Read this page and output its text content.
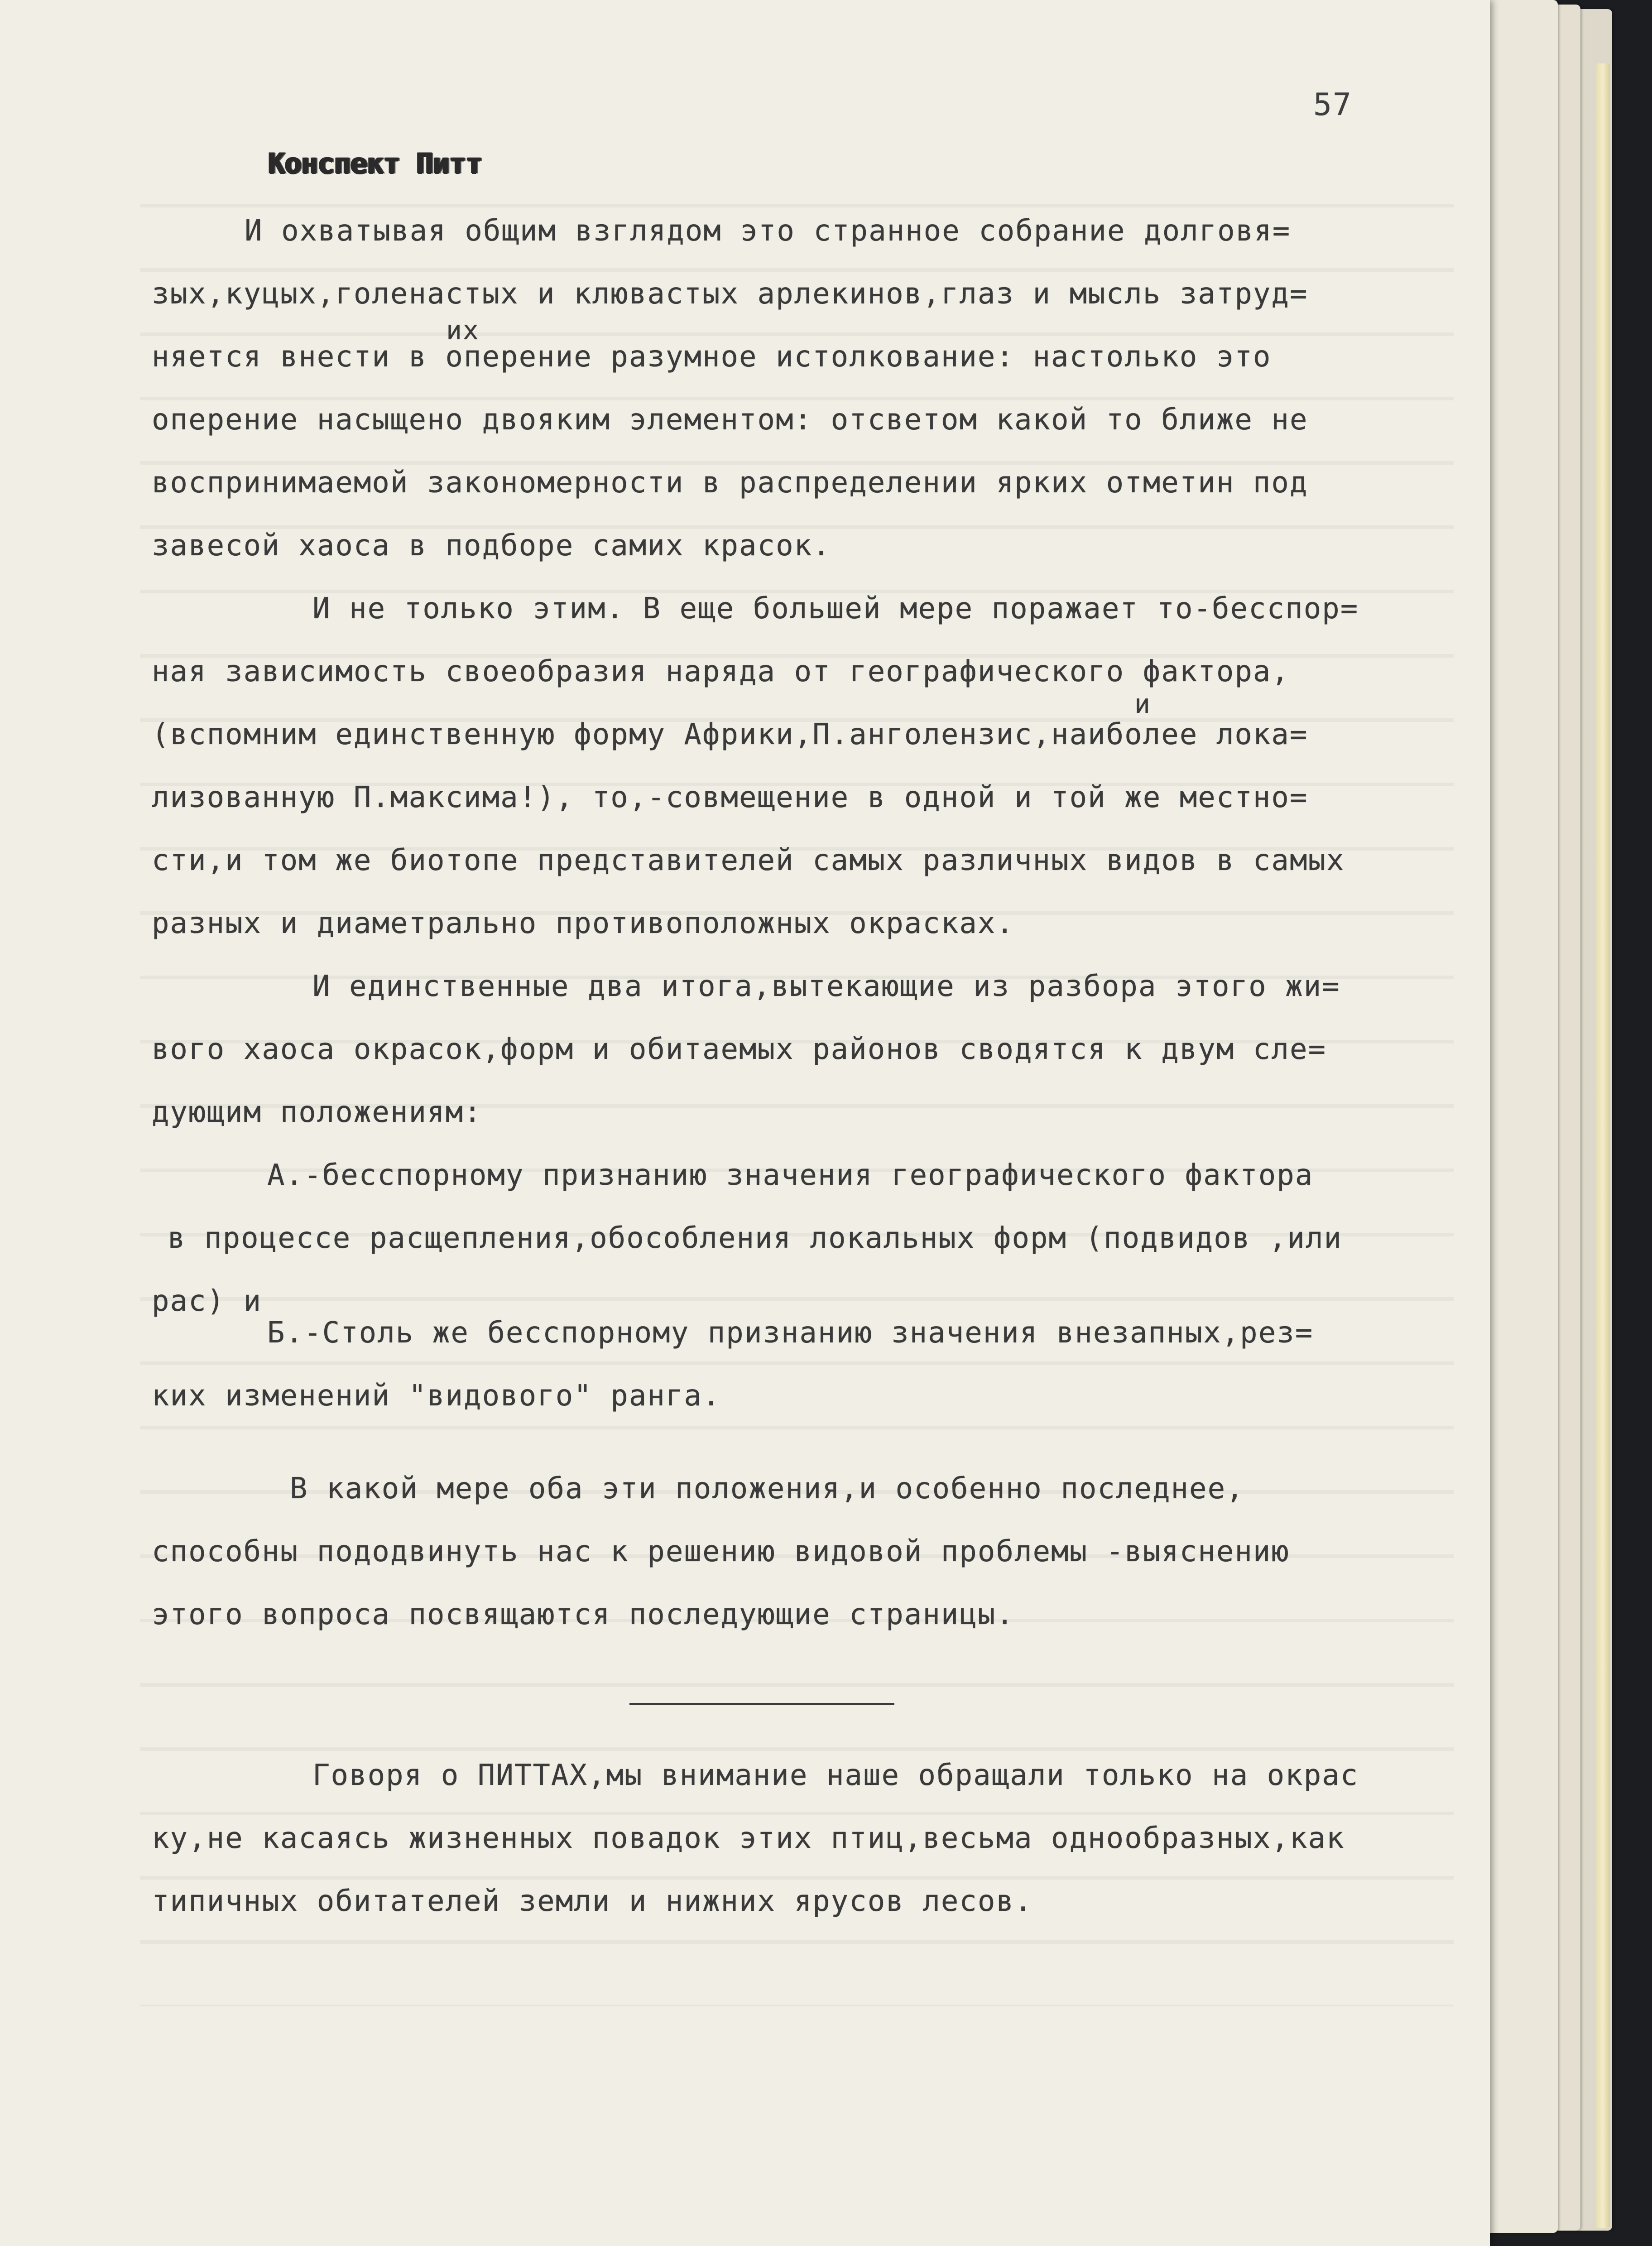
57
Конспект Питт
И охватывая общим взглядом это странное собрание долговя=
зых,куцых,голенастых и клювастых арлекинов,глаз и мысль затруд=
их
няется внести в оперение разумное истолкование: настолько это
оперение насыщено двояким элементом: отсветом какой то ближе не
воспринимаемой закономерности в распределении ярких отметин под
завесой хаоса в подборе самих красок.
И не только этим. В еще большей мере поражает то-бесспор=
ная зависимость своеобразия наряда от географического фактора,
и
(вспомним единственную форму Африки,П.анголензис,наиболее лока=
лизованную П.максима!), то,-совмещение в одной и той же местно=
сти,и том же биотопе представителей самых различных видов в самых
разных и диаметрально противоположных окрасках.
И единственные два итога,вытекающие из разбора этого жи=
вого хаоса окрасок,форм и обитаемых районов сводятся к двум сле=
дующим положениям:
А.-бесспорному признанию значения географического фактора
в процессе расщепления,обособления локальных форм (подвидов ,или
рас) и
Б.-Столь же бесспорному признанию значения внезапных,рез=
ких изменений "видового" ранга.
В какой мере оба эти положения,и особенно последнее,
способны пододвинуть нас к решению видовой проблемы -выяснению
этого вопроса посвящаются последующие страницы.
Говоря о ПИТТАХ,мы внимание наше обращали только на окрас
ку,не касаясь жизненных повадок этих птиц,весьма однообразных,как
типичных обитателей земли и нижних ярусов лесов.
